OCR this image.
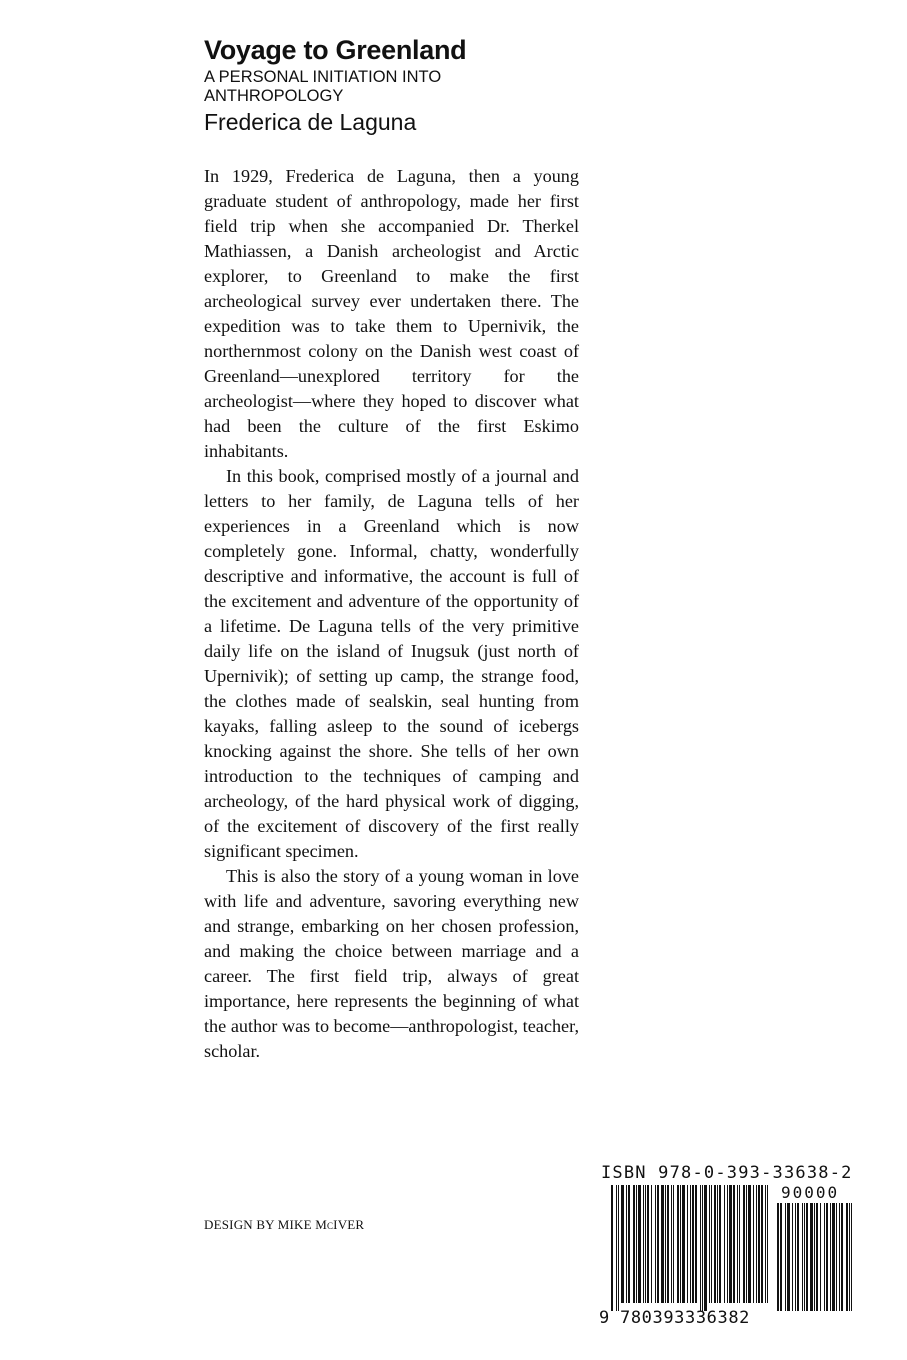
Voyage to Greenland
A PERSONAL INITIATION INTO ANTHROPOLOGY
Frederica de Laguna

In 1929, Frederica de Laguna, then a young graduate student of anthropology, made her first field trip when she accompanied Dr. Therkel Mathiassen, a Danish archeologist and Arctic explorer, to Greenland to make the first archeological survey ever undertaken there. The expedition was to take them to Upernivik, the northernmost colony on the Danish west coast of Greenland—unexplored territory for the archeologist—where they hoped to discover what had been the culture of the first Eskimo inhabitants.

In this book, comprised mostly of a journal and letters to her family, de Laguna tells of her experiences in a Greenland which is now completely gone. Informal, chatty, wonderfully descriptive and informative, the account is full of the excitement and adventure of the opportunity of a lifetime. De Laguna tells of the very primitive daily life on the island of Inugsuk (just north of Upernivik); of setting up camp, the strange food, the clothes made of sealskin, seal hunting from kayaks, falling asleep to the sound of icebergs knocking against the shore. She tells of her own introduction to the techniques of camping and archeology, of the hard physical work of digging, of the excitement of discovery of the first really significant specimen.

This is also the story of a young woman in love with life and adventure, savoring everything new and strange, embarking on her chosen profession, and making the choice between marriage and a career. The first field trip, always of great importance, here represents the beginning of what the author was to become—anthropologist, teacher, scholar.

DESIGN BY MIKE McIVER
ISBN 978-0-393-33638-2
90000
9 780393336382
